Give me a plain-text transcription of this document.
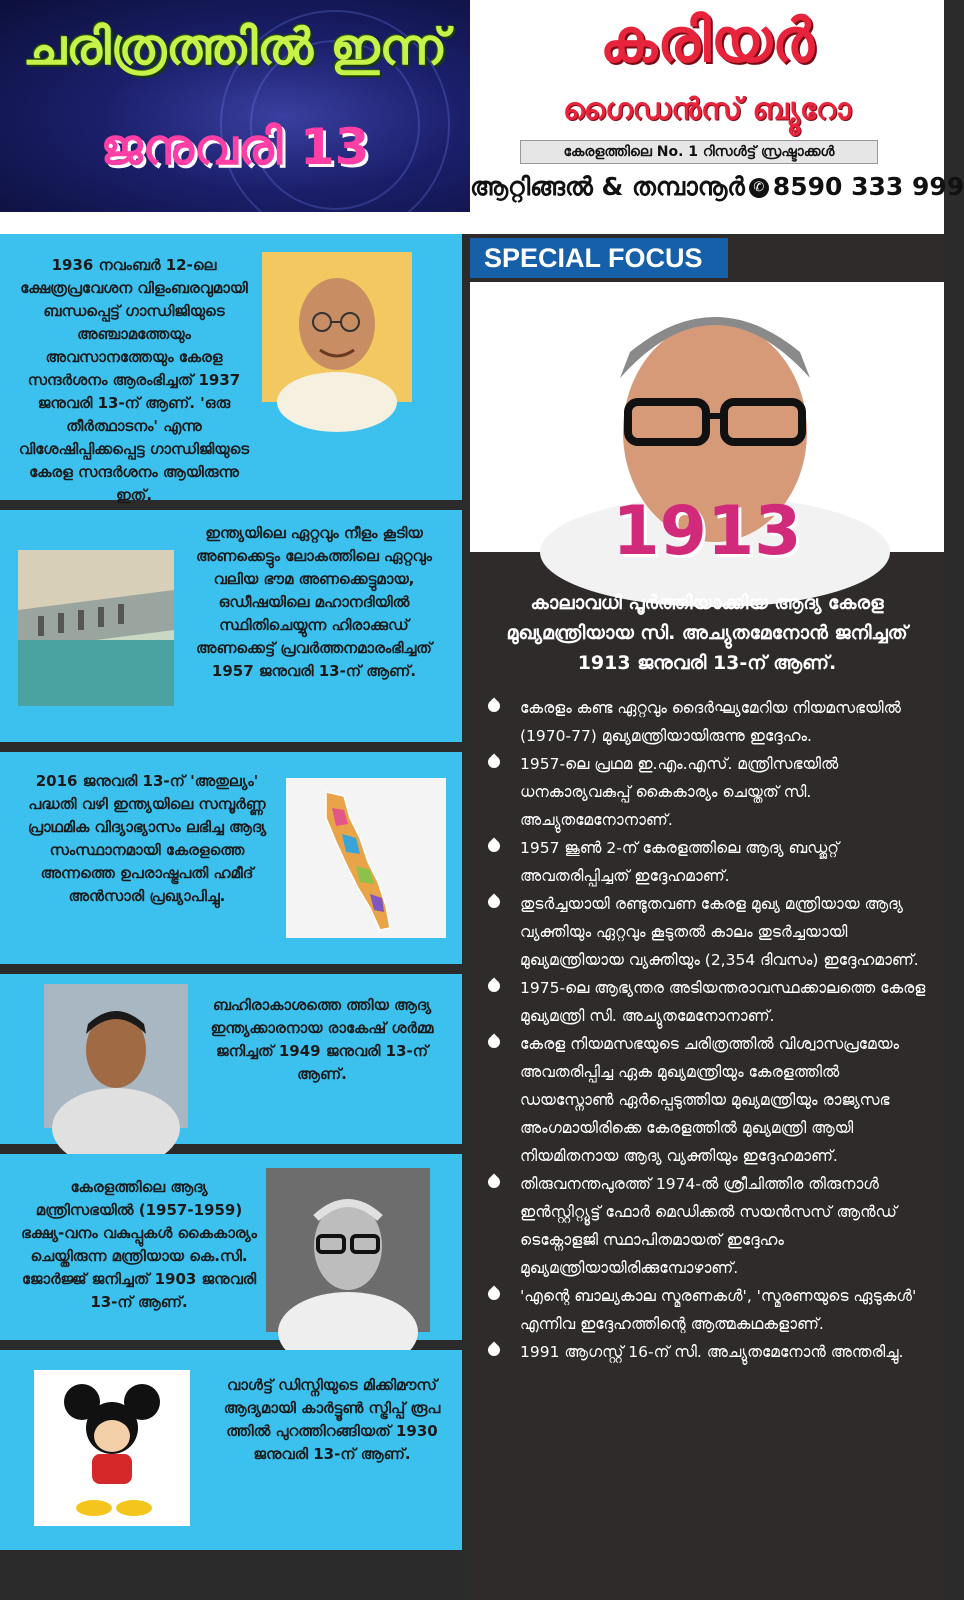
ചരിത്രത്തിൽ ഇന്ന്
ജനുവരി 13
കരിയർ
ഗൈഡൻസ് ബ്യൂറോ
കേരളത്തിലെ No. 1 റിസൾട്ട് സ്രഷ്ടാക്കൾ
ആറ്റിങ്ങൽ & തമ്പാനൂർ ✆ 8590 333 999

1936 നവംബർ 12-ലെ ക്ഷേത്രപ്രവേശന വിളംബരവുമായി ബന്ധപ്പെട്ട് ഗാന്ധിജിയുടെ അഞ്ചാമത്തേയും അവസാനത്തേയും കേരള സന്ദർശനം ആരംഭിച്ചത് 1937 ജനുവരി 13-ന് ആണ്. 'ഒരു തീർത്ഥാടനം' എന്നു വിശേഷിപ്പിക്കപ്പെട്ട ഗാന്ധിജിയുടെ കേരള സന്ദർശനം ആയിരുന്നു ഇത്.

ഇന്ത്യയിലെ ഏറ്റവും നീളം കൂടിയ അണക്കെട്ടും ലോകത്തിലെ ഏറ്റവും വലിയ ഭൗമ അണക്കെട്ടുമായ, ഒഡീഷയിലെ മഹാനദിയിൽ സ്ഥിതിചെയ്യുന്ന ഹിരാക്കുഡ് അണക്കെട്ട് പ്രവർത്തനമാരംഭിച്ചത് 1957 ജനുവരി 13-ന് ആണ്.

2016 ജനുവരി 13-ന് 'അതുല്യം' പദ്ധതി വഴി ഇന്ത്യയിലെ സമ്പൂർണ്ണ പ്രാഥമിക വിദ്യാഭ്യാസം ലഭിച്ച ആദ്യ സംസ്ഥാനമായി കേരളത്തെ അന്നത്തെ ഉപരാഷ്ട്രപതി ഹമീദ് അൻസാരി പ്രഖ്യാപിച്ചു.

ബഹിരാകാശത്തെ ത്തിയ ആദ്യ ഇന്ത്യക്കാരനായ രാകേഷ് ശർമ്മ ജനിച്ചത് 1949 ജനുവരി 13-ന് ആണ്.

കേരളത്തിലെ ആദ്യ മന്ത്രിസഭയിൽ (1957-1959) ഭക്ഷ്യ-വനം വകുപ്പുകൾ കൈകാര്യം ചെയ്തിരുന്ന മന്ത്രിയായ കെ.സി. ജോർജ്ജ് ജനിച്ചത് 1903 ജനുവരി 13-ന് ആണ്.

വാൾട്ട് ഡിസ്നിയുടെ മിക്കിമൗസ് ആദ്യമായി കാർട്ടൂൺ സ്ട്രിപ്പ് രൂപ ത്തിൽ പുറത്തിറങ്ങിയത് 1930 ജനുവരി 13-ന് ആണ്.

SPECIAL FOCUS
1913
കാലാവധി പൂർത്തിയാക്കിയ ആദ്യ കേരള മുഖ്യമന്ത്രിയായ സി. അച്യുതമേനോൻ ജനിച്ചത് 1913 ജനുവരി 13-ന് ആണ്.
കേരളം കണ്ട ഏറ്റവും ദൈർഘ്യമേറിയ നിയമസഭയിൽ (1970-77) മുഖ്യമന്ത്രിയായിരുന്നു ഇദ്ദേഹം.
1957-ലെ പ്രഥമ ഇ.എം.എസ്. മന്ത്രിസഭയിൽ ധനകാര്യവകുപ്പ് കൈകാര്യം ചെയ്തത് സി. അച്യുതമേനോനാണ്.
1957 ജൂൺ 2-ന് കേരളത്തിലെ ആദ്യ ബഡ്ജറ്റ് അവതരിപ്പിച്ചത് ഇദ്ദേഹമാണ്.
തുടർച്ചയായി രണ്ടുതവണ കേരള മുഖ്യ മന്ത്രിയായ ആദ്യ വ്യക്തിയും ഏറ്റവും കൂടുതൽ കാലം തുടർച്ചയായി മുഖ്യമന്ത്രിയായ വ്യക്തിയും (2,354 ദിവസം) ഇദ്ദേഹമാണ്.
1975-ലെ ആഭ്യന്തര അടിയന്തരാവസ്ഥക്കാലത്തെ കേരള മുഖ്യമന്ത്രി സി. അച്യുതമേനോനാണ്.
കേരള നിയമസഭയുടെ ചരിത്രത്തിൽ വിശ്വാസപ്രമേയം അവതരിപ്പിച്ച ഏക മുഖ്യമന്ത്രിയും കേരളത്തിൽ ഡയസ്നോൺ ഏർപ്പെടുത്തിയ മുഖ്യമന്ത്രിയും രാജ്യസഭ അംഗമായിരിക്കെ കേരളത്തിൽ മുഖ്യമന്ത്രി ആയി നിയമിതനായ ആദ്യ വ്യക്തിയും ഇദ്ദേഹമാണ്.
തിരുവനന്തപുരത്ത് 1974-ൽ ശ്രീചിത്തിര തിരുനാൾ ഇൻസ്റ്റിറ്റ്യൂട്ട് ഫോർ മെഡിക്കൽ സയൻസസ് ആൻഡ് ടെക്നോളജി സ്ഥാപിതമായത് ഇദ്ദേഹം മുഖ്യമന്ത്രിയായിരിക്കുമ്പോഴാണ്.
'എന്റെ ബാല്യകാല സ്മരണകൾ', 'സ്മരണയുടെ ഏടുകൾ' എന്നിവ ഇദ്ദേഹത്തിന്റെ ആത്മകഥകളാണ്.
1991 ആഗസ്റ്റ് 16-ന് സി. അച്യുതമേനോൻ അന്തരിച്ചു.
